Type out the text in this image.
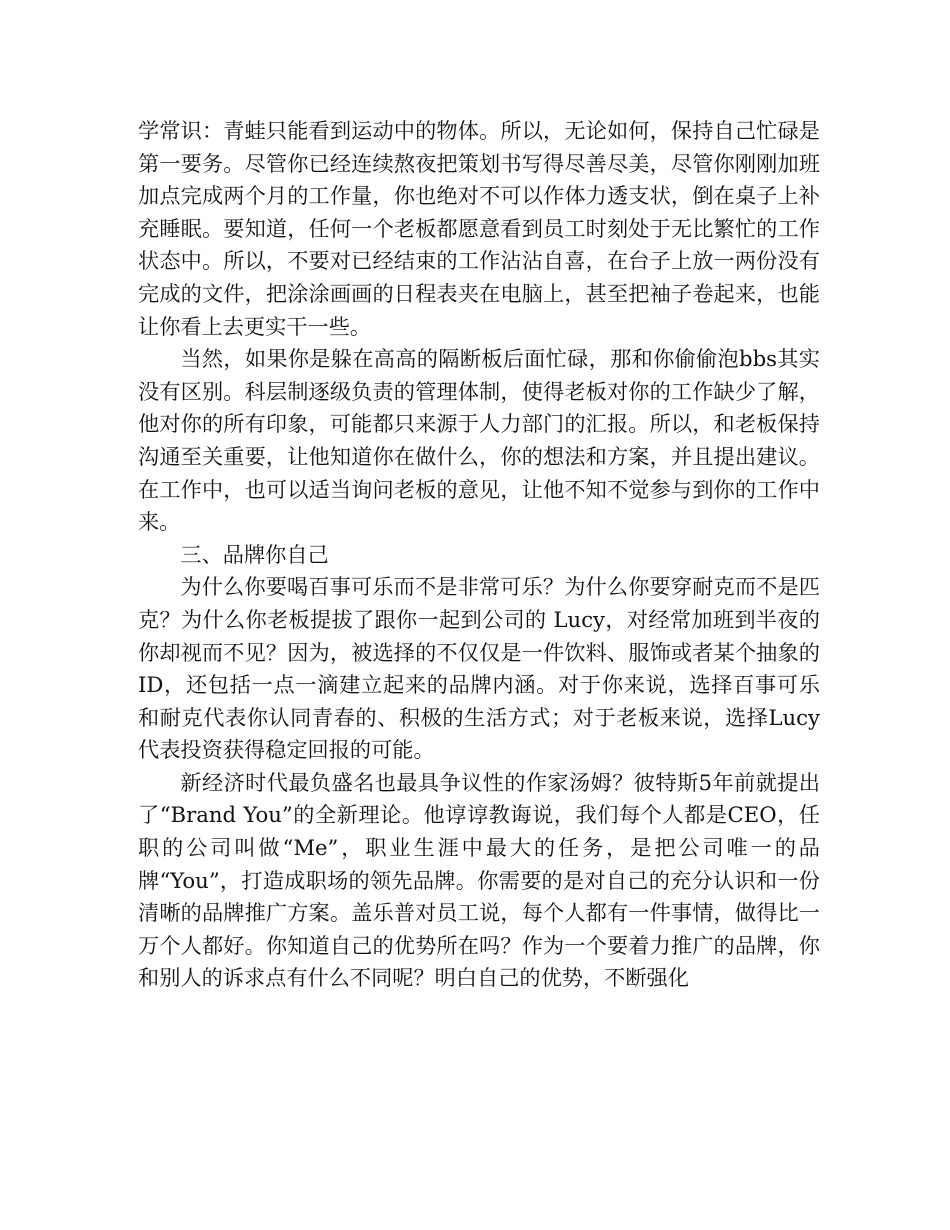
学常识：青蛙只能看到运动中的物体。所以，无论如何，保持自己忙碌是第一要务。尽管你已经连续熬夜把策划书写得尽善尽美，尽管你刚刚加班加点完成两个月的工作量，你也绝对不可以作体力透支状，倒在桌子上补充睡眠。要知道，任何一个老板都愿意看到员工时刻处于无比繁忙的工作状态中。所以，不要对已经结束的工作沾沾自喜，在台子上放一两份没有完成的文件，把涂涂画画的日程表夹在电脑上，甚至把袖子卷起来，也能让你看上去更实干一些。

当然，如果你是躲在高高的隔断板后面忙碌，那和你偷偷泡bbs其实没有区别。科层制逐级负责的管理体制，使得老板对你的工作缺少了解，他对你的所有印象，可能都只来源于人力部门的汇报。所以，和老板保持沟通至关重要，让他知道你在做什么，你的想法和方案，并且提出建议。在工作中，也可以适当询问老板的意见，让他不知不觉参与到你的工作中来。

三、品牌你自己

为什么你要喝百事可乐而不是非常可乐？为什么你要穿耐克而不是匹克？为什么你老板提拔了跟你一起到公司的 Lucy，对经常加班到半夜的你却视而不见？因为，被选择的不仅仅是一件饮料、服饰或者某个抽象的ID，还包括一点一滴建立起来的品牌内涵。对于你来说，选择百事可乐和耐克代表你认同青春的、积极的生活方式；对于老板来说，选择Lucy代表投资获得稳定回报的可能。

新经济时代最负盛名也最具争议性的作家汤姆？彼特斯5年前就提出了“Brand You”的全新理论。他谆谆教诲说，我们每个人都是CEO，任职的公司叫做“Me”，职业生涯中最大的任务，是把公司唯一的品牌“You”，打造成职场的领先品牌。你需要的是对自己的充分认识和一份清晰的品牌推广方案。盖乐普对员工说，每个人都有一件事情，做得比一万个人都好。你知道自己的优势所在吗？作为一个要着力推广的品牌，你和别人的诉求点有什么不同呢？明白自己的优势，不断强化
